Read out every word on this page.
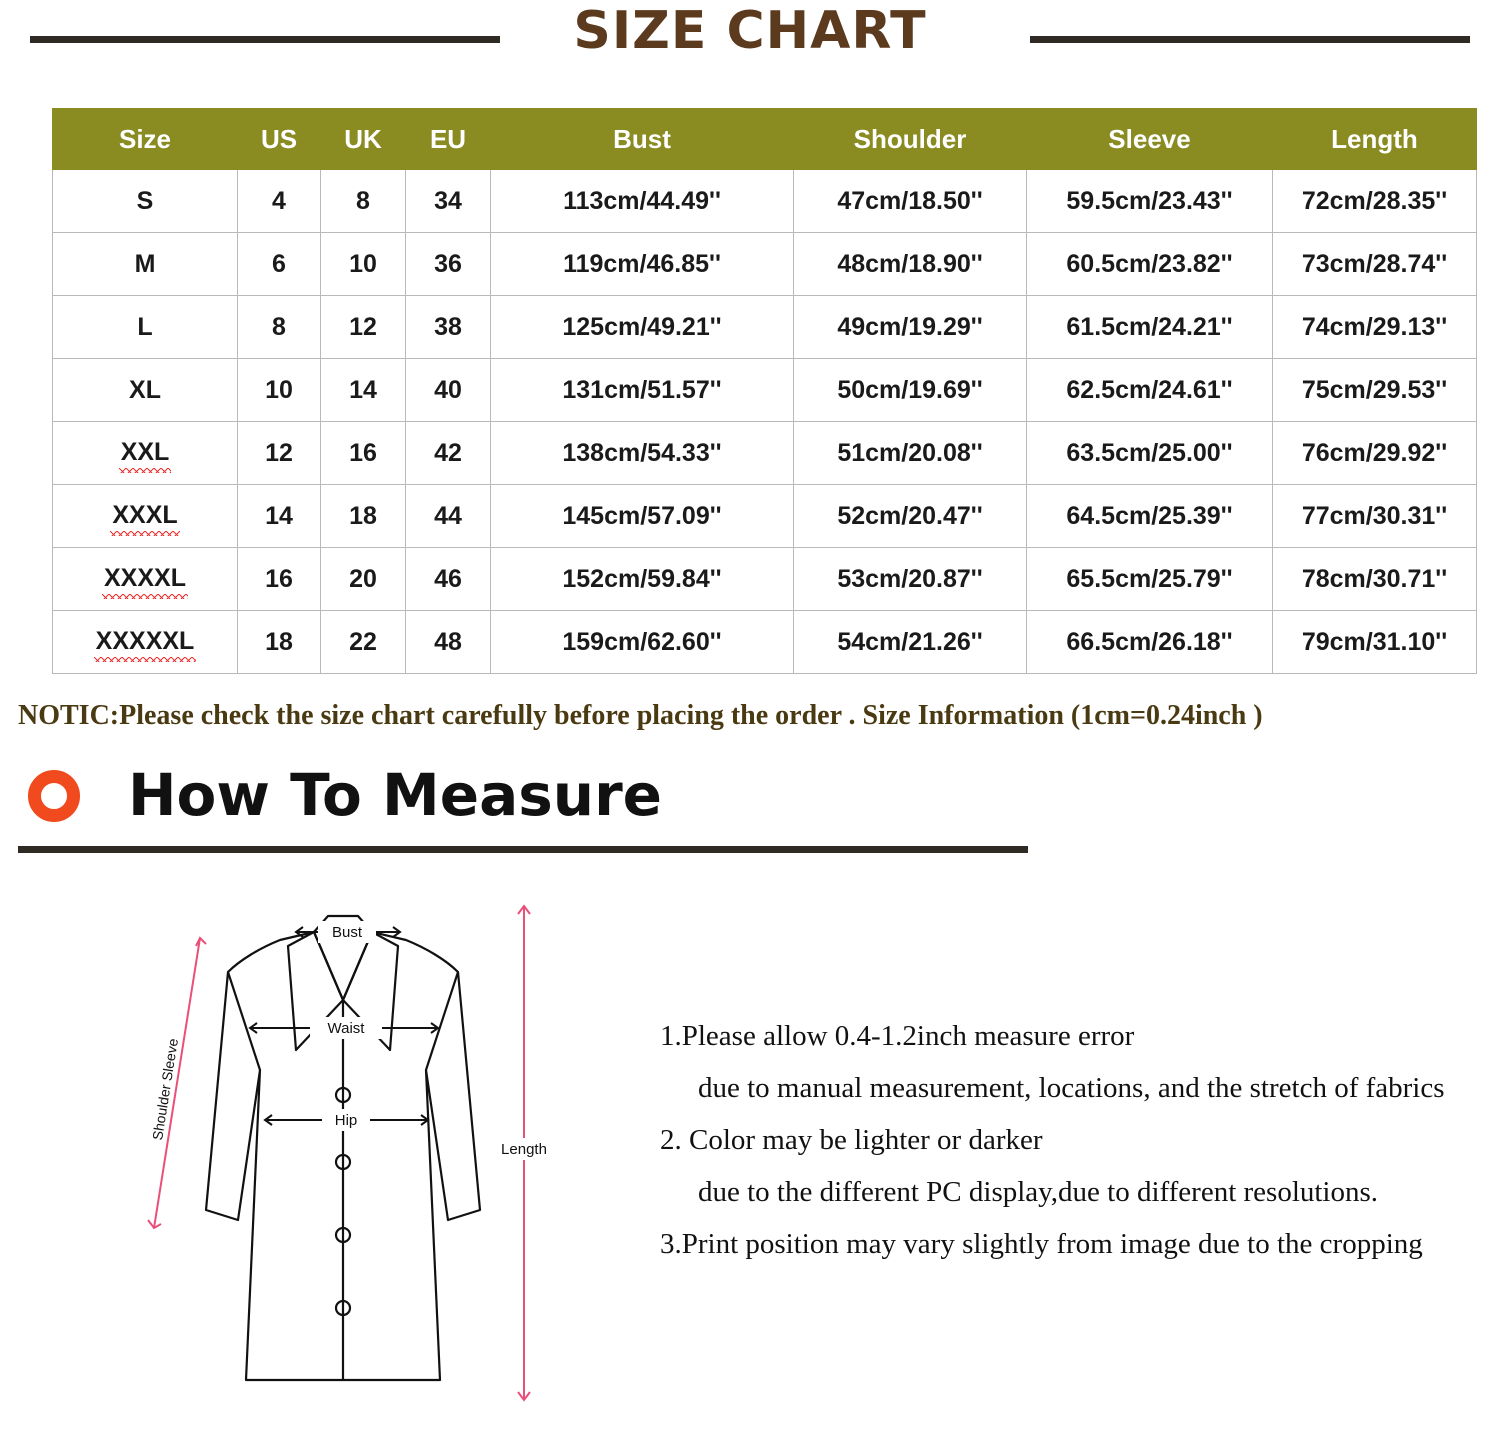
SIZE CHART
Size	US	UK	EU	Bust	Shoulder	Sleeve	Length
S	4	8	34	113cm/44.49''	47cm/18.50''	59.5cm/23.43''	72cm/28.35''
M	6	10	36	119cm/46.85''	48cm/18.90''	60.5cm/23.82''	73cm/28.74''
L	8	12	38	125cm/49.21''	49cm/19.29''	61.5cm/24.21''	74cm/29.13''
XL	10	14	40	131cm/51.57''	50cm/19.69''	62.5cm/24.61''	75cm/29.53''
XXL	12	16	42	138cm/54.33''	51cm/20.08''	63.5cm/25.00''	76cm/29.92''
XXXL	14	18	44	145cm/57.09''	52cm/20.47''	64.5cm/25.39''	77cm/30.31''
XXXXL	16	20	46	152cm/59.84''	53cm/20.87''	65.5cm/25.79''	78cm/30.71''
XXXXXL	18	22	48	159cm/62.60''	54cm/21.26''	66.5cm/26.18''	79cm/31.10''
NOTIC:Please check the size chart carefully before placing the order . Size Information (1cm=0.24inch )
How To Measure
Bust
Waist
Hip
Shoulder Sleeve
Length
1.Please allow 0.4-1.2inch measure error
due to manual measurement, locations, and the stretch of fabrics
2. Color may be lighter or darker
due to the different PC display,due to different resolutions.
3.Print position may vary slightly from image due to the cropping
